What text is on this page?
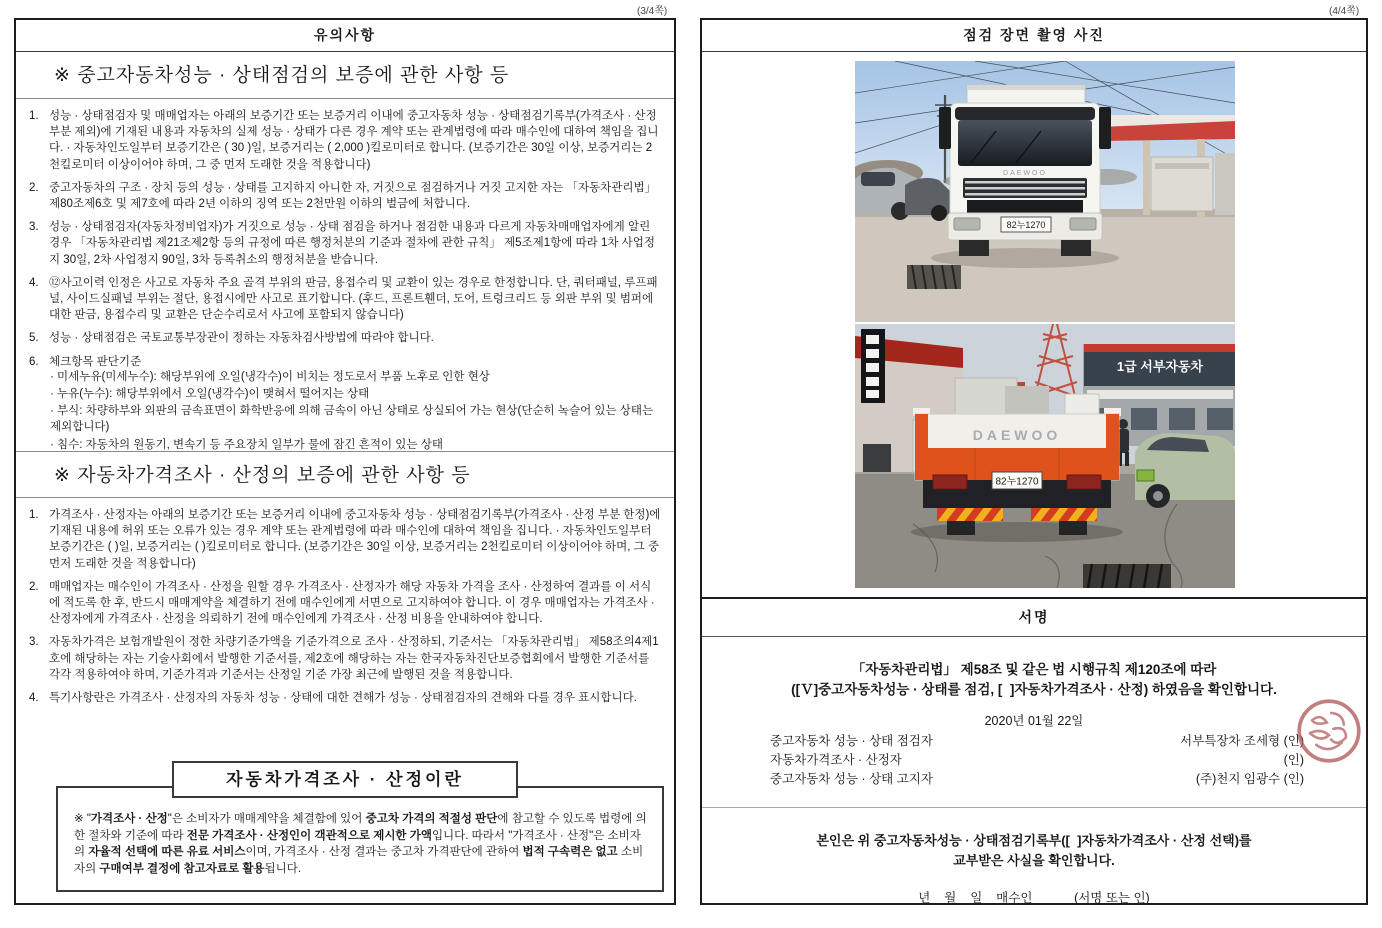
(3/4쪽)	(4/4쪽)
유의사항
※ 중고자동차성능 · 상태점검의 보증에 관한 사항 등
1. 성능 · 상태점검자 및 매매업자는 아래의 보증기간 또는 보증거리 이내에 중고자동차 성능 · 상태점검기록부(가격조사 · 산정 부분 제외)에 기재된 내용과 자동차의 실제 성능 · 상태가 다른 경우 계약 또는 관계법령에 따라 매수인에 대하여 책임을 집니다. · 자동차인도일부터 보증기간은 ( 30 )일, 보증거리는 ( 2,000 )킬로미터로 합니다. (보증기간은 30일 이상, 보증거리는 2천킬로미터 이상이어야 하며, 그 중 먼저 도래한 것을 적용합니다)
2. 중고자동차의 구조 · 장치 등의 성능 · 상태를 고지하지 아니한 자, 거짓으로 점검하거나 거짓 고지한 자는 「자동차관리법」 제80조제6호 및 제7호에 따라 2년 이하의 징역 또는 2천만원 이하의 벌금에 처합니다.
3. 성능 · 상태점검자(자동차정비업자)가 거짓으로 성능 · 상태 점검을 하거나 점검한 내용과 다르게 자동차매매업자에게 알린 경우 「자동차관리법 제21조제2항 등의 규정에 따른 행정처분의 기준과 절차에 관한 규칙」 제5조제1항에 따라 1차 사업정지 30일, 2차 사업정지 90일, 3차 등록취소의 행정처분을 받습니다.
4. ⑫사고이력 인정은 사고로 자동차 주요 골격 부위의 판금, 용접수리 및 교환이 있는 경우로 한정합니다. 단, 쿼터패널, 루프패널, 사이드실패널 부위는 절단, 용접시에만 사고로 표기합니다. (후드, 프론트휀더, 도어, 트렁크리드 등 외판 부위 및 범퍼에 대한 판금, 용접수리 및 교환은 단순수리로서 사고에 포함되지 않습니다)
5. 성능 · 상태점검은 국토교통부장관이 정하는 자동차검사방법에 따라야 합니다.
6. 체크항목 판단기준
· 미세누유(미세누수): 해당부위에 오일(냉각수)이 비치는 정도로서 부품 노후로 인한 현상
· 누유(누수): 해당부위에서 오일(냉각수)이 맺혀서 떨어지는 상태
· 부식: 차량하부와 외판의 금속표면이 화학반응에 의해 금속이 아닌 상태로 상실되어 가는 현상(단순히 녹슬어 있는 상태는 제외합니다)
· 침수: 자동차의 원동기, 변속기 등 주요장치 일부가 물에 잠긴 흔적이 있는 상태
※ 자동차가격조사 · 산정의 보증에 관한 사항 등
1. 가격조사 · 산정자는 아래의 보증기간 또는 보증거리 이내에 중고자동차 성능 · 상태점검기록부(가격조사 · 산정 부분 한정)에 기재된 내용에 허위 또는 오류가 있는 경우 계약 또는 관계법령에 따라 매수인에 대하여 책임을 집니다. · 자동차인도일부터 보증기간은 ( )일, 보증거리는 ( )킬로미터로 합니다. (보증기간은 30일 이상, 보증거리는 2천킬로미터 이상이어야 하며, 그 중 먼저 도래한 것을 적용합니다)
2. 매매업자는 매수인이 가격조사 · 산정을 원할 경우 가격조사 · 산정자가 해당 자동차 가격을 조사 · 산정하여 결과를 이 서식에 적도록 한 후, 반드시 매매계약을 체결하기 전에 매수인에게 서면으로 고지하여야 합니다. 이 경우 매매업자는 가격조사 · 산정자에게 가격조사 · 산정을 의뢰하기 전에 매수인에게 가격조사 · 산정 비용을 안내하여야 합니다.
3. 자동차가격은 보험개발원이 정한 차량기준가액을 기준가격으로 조사 · 산정하되, 기준서는 「자동차관리법」 제58조의4제1호에 해당하는 자는 기술사회에서 발행한 기준서를, 제2호에 해당하는 자는 한국자동차진단보증협회에서 발행한 기준서를 각각 적용하여야 하며, 기준가격과 기준서는 산정일 기준 가장 최근에 발행된 것을 적용합니다.
4. 특기사항란은 가격조사 · 산정자의 자동차 성능 · 상태에 대한 견해가 성능 · 상태점검자의 견해와 다를 경우 표시합니다.
자동차가격조사 · 산정이란
※ "가격조사 · 산정"은 소비자가 매매계약을 체결함에 있어 중고차 가격의 적절성 판단에 참고할 수 있도록 법령에 의한 절차와 기준에 따라 전문 가격조사 · 산정인이 객관적으로 제시한 가액입니다. 따라서 "가격조사 · 산정"은 소비자의 자율적 선택에 따른 유료 서비스이며, 가격조사 · 산정 결과는 중고차 가격판단에 관하여 법적 구속력은 없고 소비자의 구매여부 결정에 참고자료로 활용됩니다.
점검 장면 촬영 사진
DAEWOO
82누1270
1급 서부자동차
DAEWOO
82누1270
서명
「자동차관리법」 제58조 및 같은 법 시행규칙 제120조에 따라
([Ｖ]중고자동차성능 · 상태를 점검, [  ]자동차가격조사 · 산정) 하였음을 확인합니다.
2020년 01월 22일
중고자동차 성능 · 상태 점검자	서부특장차 조세형 (인)
자동차가격조사 · 산정자	(인)
중고자동차 성능 · 상태 고지자	(주)천지 임광수 (인)
본인은 위 중고자동차성능 · 상태점검기록부([  ]자동차가격조사 · 산정 선택)를
교부받은 사실을 확인합니다.
년    월    일    매수인            (서명 또는 인)
